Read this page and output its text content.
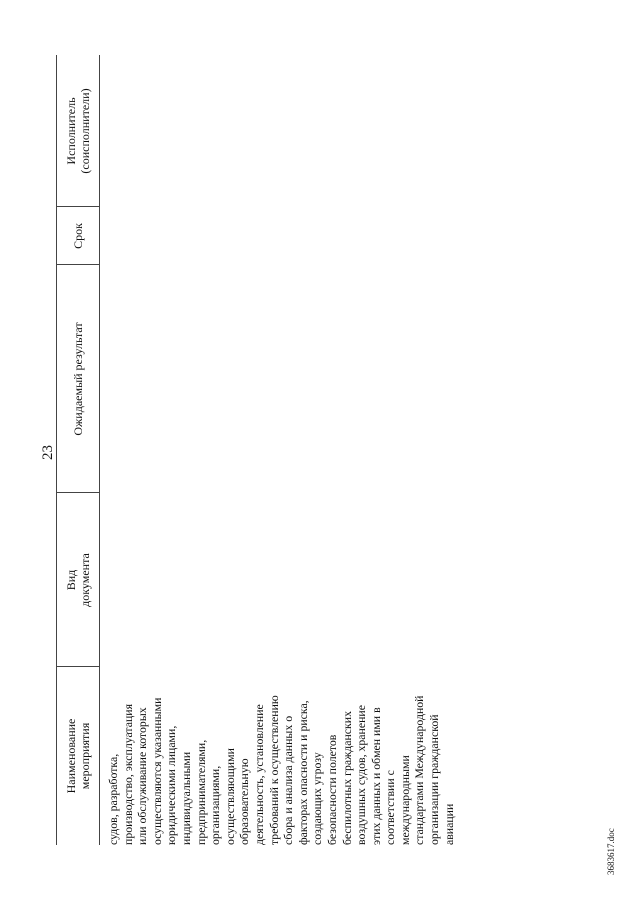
23
Наименование
мероприятия
Вид
документа
Ожидаемый результат
Срок
Исполнитель
(соисполнители)
судов, разработка,
производство, эксплуатация
или обслуживание которых
осуществляются указанными
юридическими лицами,
индивидуальными
предпринимателями,
организациями,
осуществляющими
образовательную
деятельность, установление
требований к осуществлению
сбора и анализа данных о
факторах опасности и риска,
создающих угрозу
безопасности полетов
беспилотных гражданских
воздушных судов, хранение
этих данных и обмен ими в
соответствии с
международными
стандартами Международной
организации гражданской
авиации
3683617.doc
